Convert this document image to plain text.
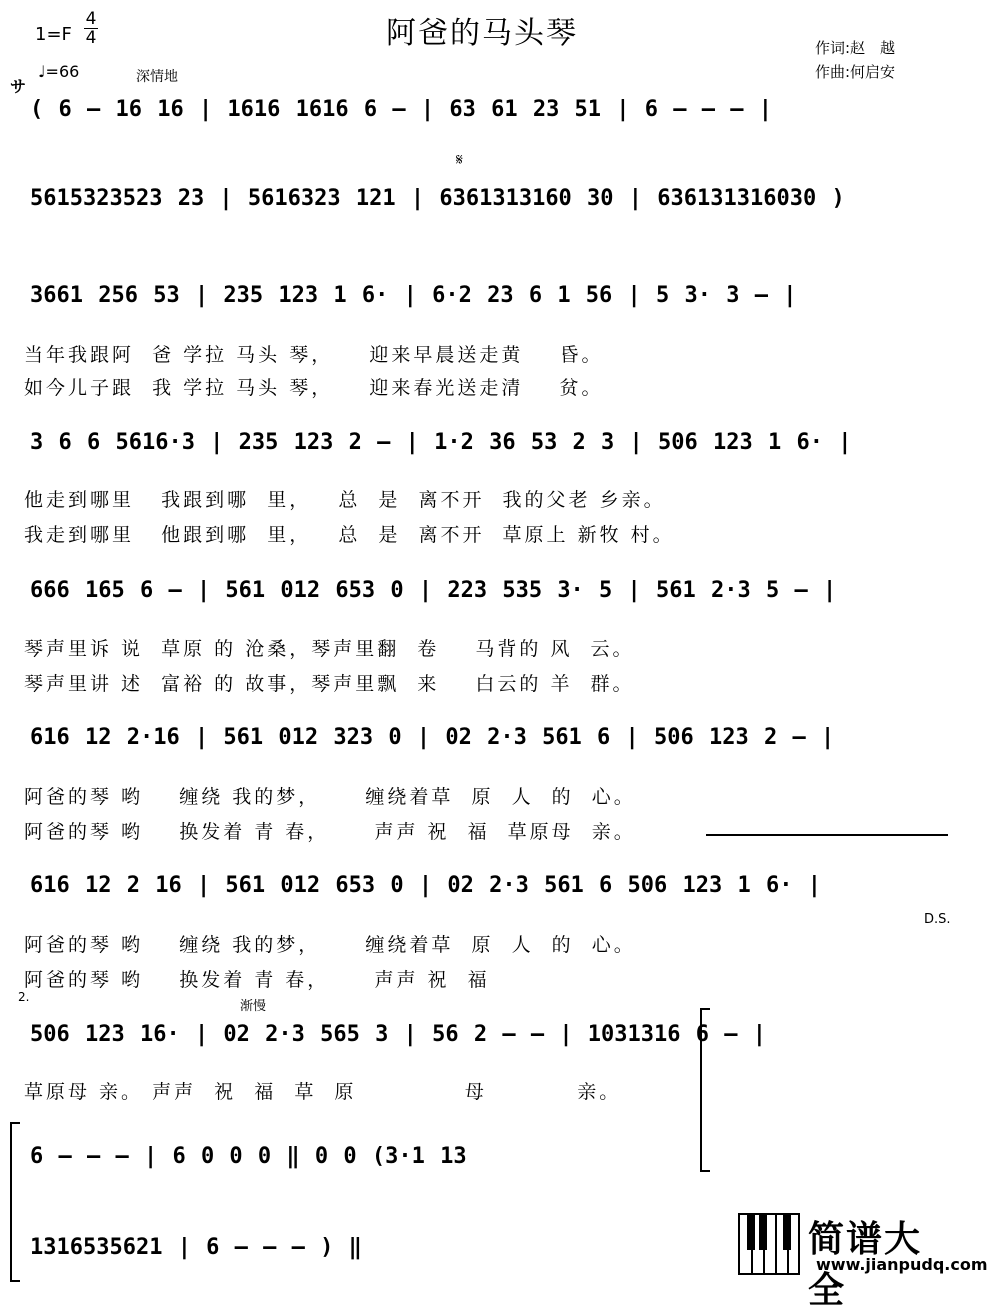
阿爸的马头琴
1=F
4
4
♩=66	深情地
作词:赵　越
作曲:何启安
サ
𝄋
( 6 – 16 16 | 1616 1616 6 – | 63 61 23 51 | 6 – – – |
5615323523 23 | 5616323 121 | 6361313160 30 | 636131316030 )
3661 256 53 | 235 123 1 6· | 6·2 23 6 1 56 | 5 3· 3 – |
当年我跟阿  爸 学拉 马头 琴，    迎来早晨送走黄    昏。
如今儿子跟  我 学拉 马头 琴，    迎来春光送走清    贫。
3 6 6 5616·3 | 235 123 2 – | 1·2 36 53 2 3 | 506 123 1 6· |
他走到哪里   我跟到哪  里，   总  是  离不开  我的父老 乡亲。
我走到哪里   他跟到哪  里，   总  是  离不开  草原上 新牧 村。
666 165 6 – | 561 012 653 0 | 223 535 3· 5 | 561 2·3 5 – |
琴声里诉 说  草原 的 沧桑，琴声里翻  卷    马背的 风  云。
琴声里讲 述  富裕 的 故事，琴声里飘  来    白云的 羊  群。
616 12 2·16 | 561 012 323 0 | 02 2·3 561 6 | 506 123 2 – |
阿爸的琴 哟    缠绕 我的梦，     缠绕着草  原  人  的  心。
阿爸的琴 哟    换发着 青 春，     声声 祝  福  草原母  亲。
616 12 2 16 | 561 012 653 0 | 02 2·3 561 6 506 123 1 6· |
D.S.
阿爸的琴 哟    缠绕 我的梦，     缠绕着草  原  人  的  心。
阿爸的琴 哟    换发着 青 春，     声声 祝  福
2.
渐慢
506 123 16· | 02 2·3 565 3 | 56 2 – – | 1031316 6 – |
草原母 亲。 声声  祝  福  草  原            母          亲。
6 – – – | 6 0 0 0 ‖ 0 0 (3·1 13
1316535621 | 6 – – – ) ‖	简谱大全
www.jianpudq.com
